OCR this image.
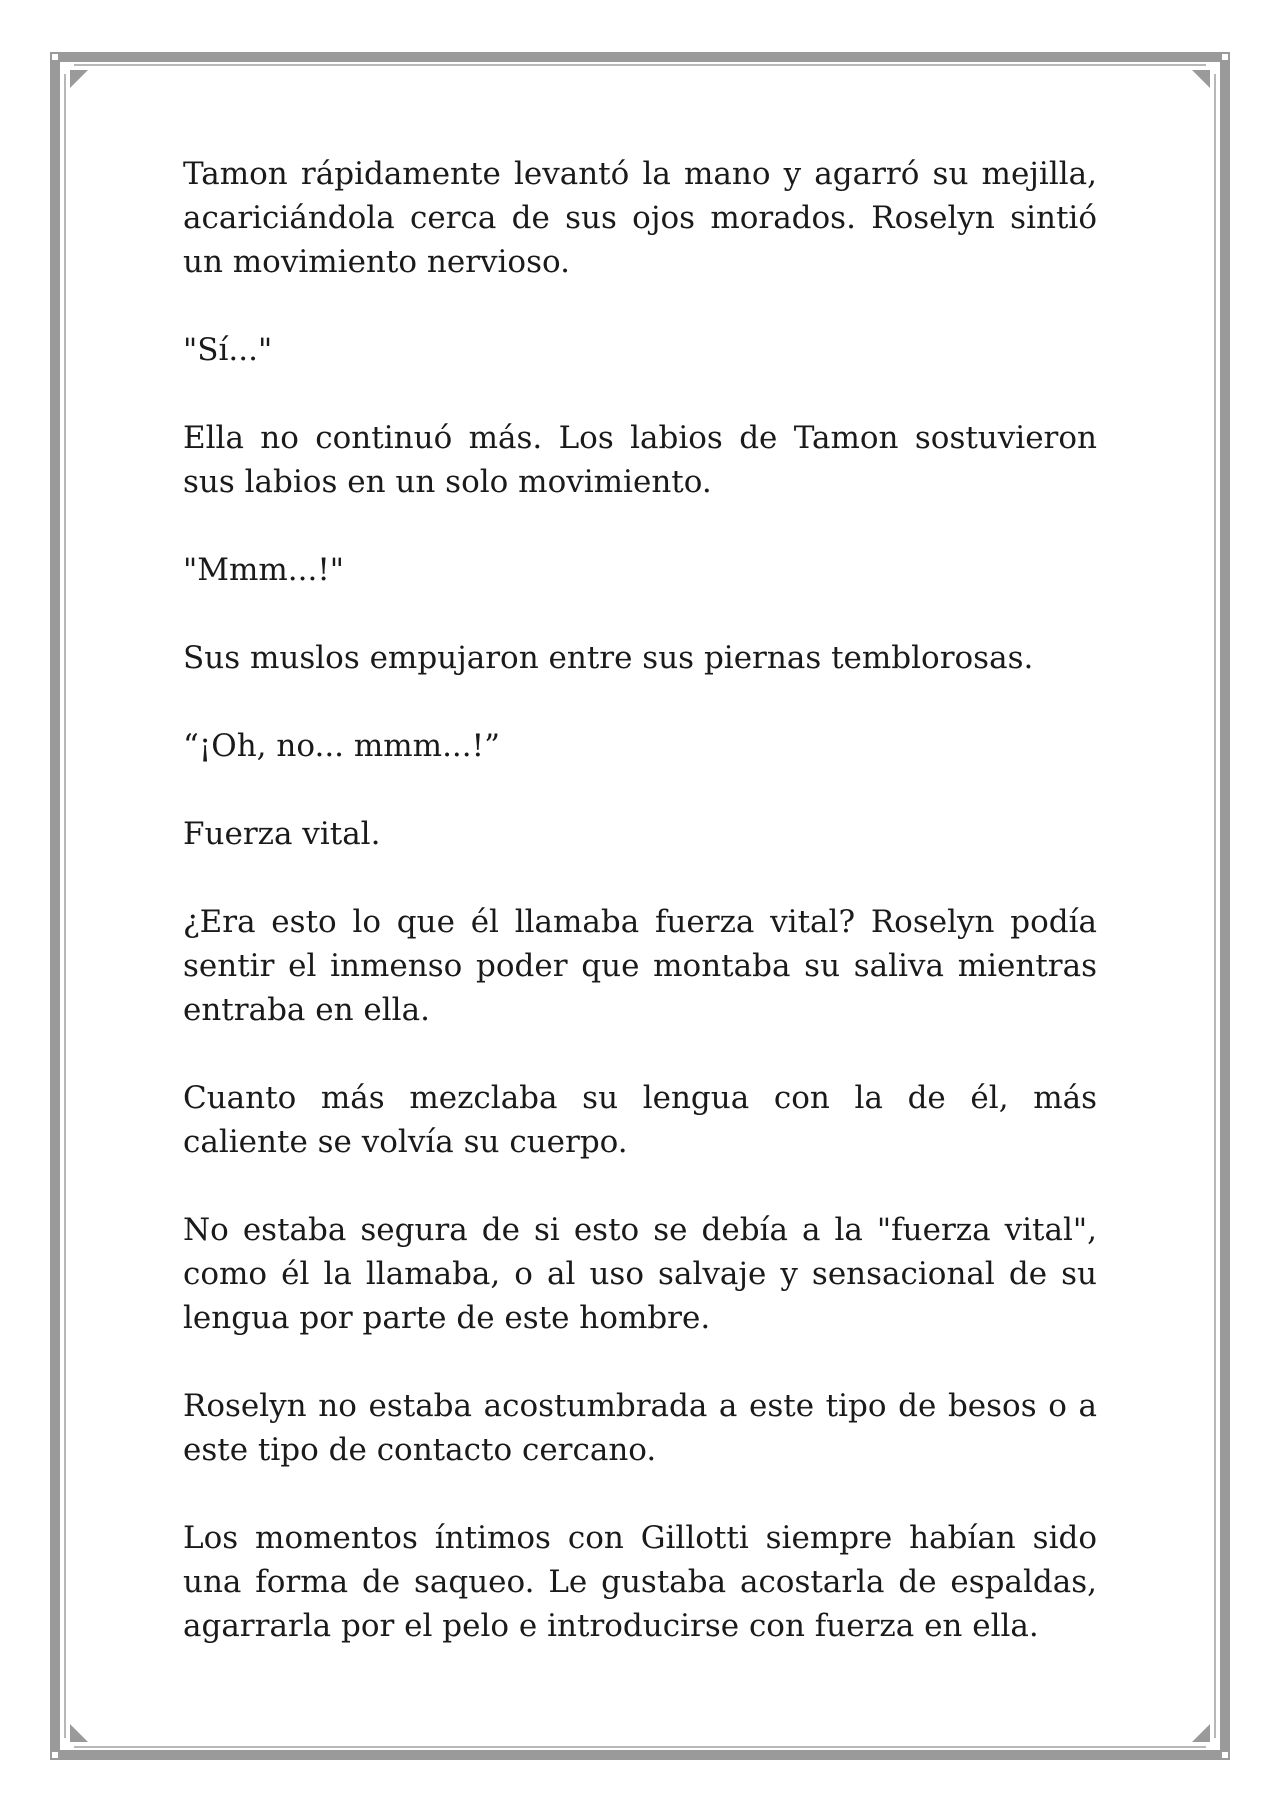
Tamon rápidamente levantó la mano y agarró su mejilla, acariciándola cerca de sus ojos morados. Roselyn sintió un movimiento nervioso.

"Sí..."

Ella no continuó más. Los labios de Tamon sostuvieron sus labios en un solo movimiento.

"Mmm...!"

Sus muslos empujaron entre sus piernas temblorosas.

“¡Oh, no... mmm...!”

Fuerza vital.

¿Era esto lo que él llamaba fuerza vital? Roselyn podía sentir el inmenso poder que montaba su saliva mientras entraba en ella.

Cuanto más mezclaba su lengua con la de él, más caliente se volvía su cuerpo.

No estaba segura de si esto se debía a la "fuerza vital", como él la llamaba, o al uso salvaje y sensacional de su lengua por parte de este hombre.

Roselyn no estaba acostumbrada a este tipo de besos o a este tipo de contacto cercano.

Los momentos íntimos con Gillotti siempre habían sido una forma de saqueo. Le gustaba acostarla de espaldas, agarrarla por el pelo e introducirse con fuerza en ella.
